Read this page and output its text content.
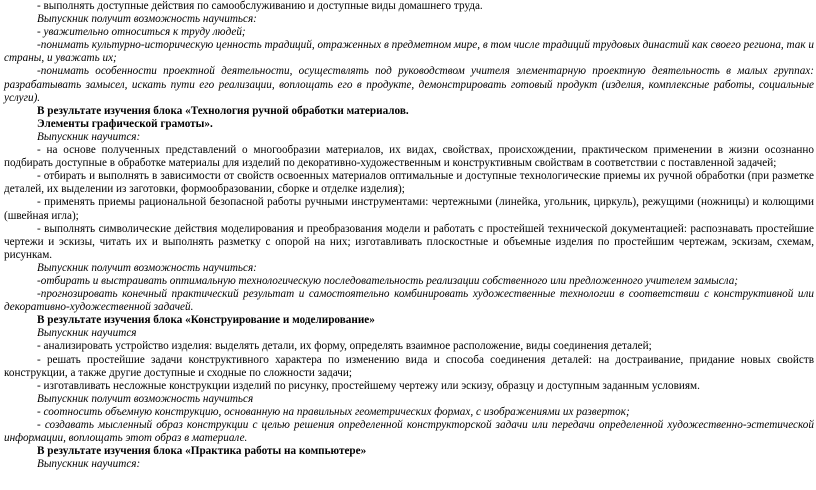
- выполнять доступные действия по самообслуживанию и доступные виды домашнего труда.

Выпускник получит возможность научиться:

- уважительно относиться к труду людей;

-понимать культурно-историческую ценность традиций, отраженных в предметном мире, в том числе традиций трудовых династий как своего региона, так и страны, и уважать их;

-понимать особенности проектной деятельности, осуществлять под руководством учителя элементарную проектную деятельность в малых группах: разрабатывать замысел, искать пути его реализации, воплощать его в продукте, демонстрировать готовый продукт (изделия, комплексные работы, социальные услуги).

В результате изучения блока «Технология ручной обработки материалов.

Элементы графической грамоты».

Выпускник научится:

- на основе полученных представлений о многообразии материалов, их видах, свойствах, происхождении, практическом применении в жизни осознанно подбирать доступные в обработке материалы для изделий по декоративно-художественным и конструктивным свойствам в соответствии с поставленной задачей;

- отбирать и выполнять в зависимости от свойств освоенных материалов оптимальные и доступные технологические приемы их ручной обработки (при разметке деталей, их выделении из заготовки, формообразовании, сборке и отделке изделия);

- применять приемы рациональной безопасной работы ручными инструментами: чертежными (линейка, угольник, циркуль), режущими (ножницы) и колющими (швейная игла);

- выполнять символические действия моделирования и преобразования модели и работать с простейшей технической документацией: распознавать простейшие чертежи и эскизы, читать их и выполнять разметку с опорой на них; изготавливать плоскостные и объемные изделия по простейшим чертежам, эскизам, схемам, рисункам.

Выпускник получит возможность научиться:

-отбирать и выстраивать оптимальную технологическую последовательность реализации собственного или предложенного учителем замысла;

-прогнозировать конечный практический результат и самостоятельно комбинировать художественные технологии в соответствии с конструктивной или декоративно-художественной задачей.

В результате изучения блока «Конструирование и моделирование»

Выпускник научится

- анализировать устройство изделия: выделять детали, их форму, определять взаимное расположение, виды соединения деталей;

- решать простейшие задачи конструктивного характера по изменению вида и способа соединения деталей: на достраивание, придание новых свойств конструкции, а также другие доступные и сходные по сложности задачи;

- изготавливать несложные конструкции изделий по рисунку, простейшему чертежу или эскизу, образцу и доступным заданным условиям.

Выпускник получит возможность научиться

- соотносить объемную конструкцию, основанную на правильных геометрических формах, с изображениями их разверток;

- создавать мысленный образ конструкции с целью решения определенной конструкторской задачи или передачи определенной художественно-эстетической информации, воплощать этот образ в материале.

В результате изучения блока «Практика работы на компьютере»

Выпускник научится:
